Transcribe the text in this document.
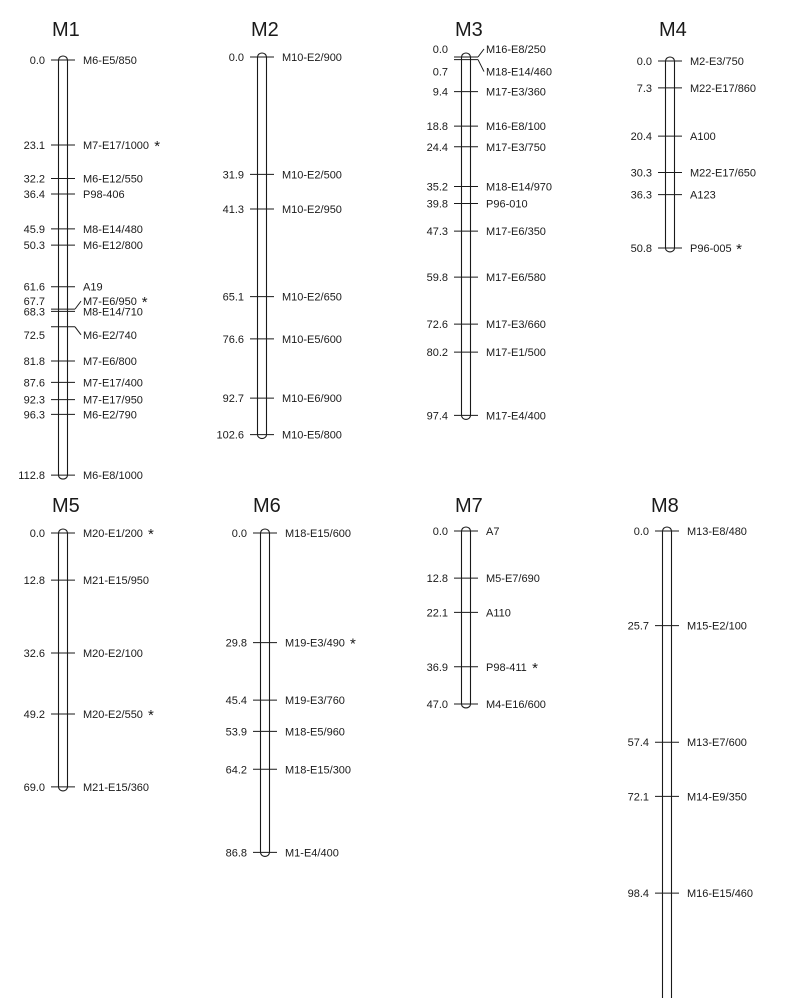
M1
0.0	M6-E5/850
23.1	M7-E17/1000 *
32.2	M6-E12/550
36.4	P98-406
45.9	M8-E14/480
50.3	M6-E12/800
61.6	A19
67.7	M7-E6/950 *
68.3	M8-E14/710
72.5	M6-E2/740
81.8	M7-E6/800
87.6	M7-E17/400
92.3	M7-E17/950
96.3	M6-E2/790
112.8	M6-E8/1000
M2
0.0	M10-E2/900
31.9	M10-E2/500
41.3	M10-E2/950
65.1	M10-E2/650
76.6	M10-E5/600
92.7	M10-E6/900
102.6	M10-E5/800
M3
0.0	M16-E8/250
0.7	M18-E14/460
9.4	M17-E3/360
18.8	M16-E8/100
24.4	M17-E3/750
35.2	M18-E14/970
39.8	P96-010
47.3	M17-E6/350
59.8	M17-E6/580
72.6	M17-E3/660
80.2	M17-E1/500
97.4	M17-E4/400
M4
0.0	M2-E3/750
7.3	M22-E17/860
20.4	A100
30.3	M22-E17/650
36.3	A123
50.8	P96-005 *
M5
0.0	M20-E1/200 *
12.8	M21-E15/950
32.6	M20-E2/100
49.2	M20-E2/550 *
69.0	M21-E15/360
M6
0.0	M18-E15/600
29.8	M19-E3/490 *
45.4	M19-E3/760
53.9	M18-E5/960
64.2	M18-E15/300
86.8	M1-E4/400
M7
0.0	A7
12.8	M5-E7/690
22.1	A110
36.9	P98-411 *
47.0	M4-E16/600
M8
0.0	M13-E8/480
25.7	M15-E2/100
57.4	M13-E7/600
72.1	M14-E9/350
98.4	M16-E15/460
